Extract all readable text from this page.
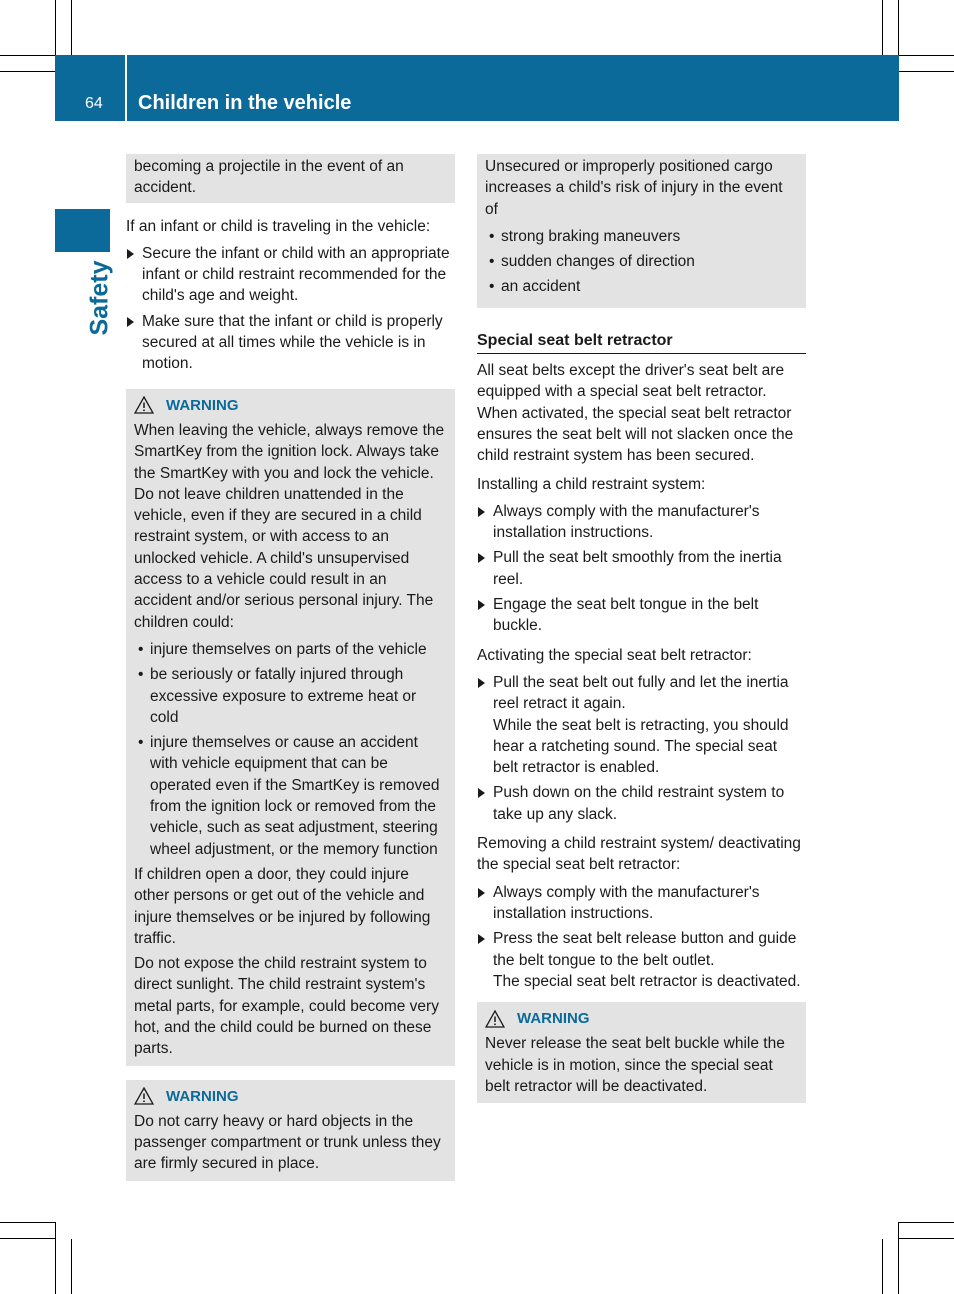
64 Children in the vehicle
Safety

becoming a projectile in the event of an accident.

If an infant or child is traveling in the vehicle:

Secure the infant or child with an appropriate infant or child restraint recommended for the child's age and weight.
Make sure that the infant or child is properly secured at all times while the vehicle is in motion.
WARNING

When leaving the vehicle, always remove the SmartKey from the ignition lock. Always take the SmartKey with you and lock the vehicle. Do not leave children unattended in the vehicle, even if they are secured in a child restraint system, or with access to an unlocked vehicle. A child's unsupervised access to a vehicle could result in an accident and/or serious personal injury. The children could:

• injure themselves on parts of the vehicle
• be seriously or fatally injured through excessive exposure to extreme heat or cold
• injure themselves or cause an accident with vehicle equipment that can be operated even if the SmartKey is removed from the ignition lock or removed from the vehicle, such as seat adjustment, steering wheel adjustment, or the memory function

If children open a door, they could injure other persons or get out of the vehicle and injure themselves or be injured by following traffic.

Do not expose the child restraint system to direct sunlight. The child restraint system's metal parts, for example, could become very hot, and the child could be burned on these parts.

WARNING

Do not carry heavy or hard objects in the passenger compartment or trunk unless they are firmly secured in place.

Unsecured or improperly positioned cargo increases a child's risk of injury in the event of

• strong braking maneuvers
• sudden changes of direction
• an accident
Special seat belt retractor

All seat belts except the driver's seat belt are equipped with a special seat belt retractor. When activated, the special seat belt retractor ensures the seat belt will not slacken once the child restraint system has been secured.

Installing a child restraint system:

Always comply with the manufacturer's installation instructions.
Pull the seat belt smoothly from the inertia reel.
Engage the seat belt tongue in the belt buckle.

Activating the special seat belt retractor:

Pull the seat belt out fully and let the inertia reel retract it again.
While the seat belt is retracting, you should hear a ratcheting sound. The special seat belt retractor is enabled.
Push down on the child restraint system to take up any slack.

Removing a child restraint system/ deactivating the special seat belt retractor:

Always comply with the manufacturer's installation instructions.
Press the seat belt release button and guide the belt tongue to the belt outlet.
The special seat belt retractor is deactivated.
WARNING

Never release the seat belt buckle while the vehicle is in motion, since the special seat belt retractor will be deactivated.
